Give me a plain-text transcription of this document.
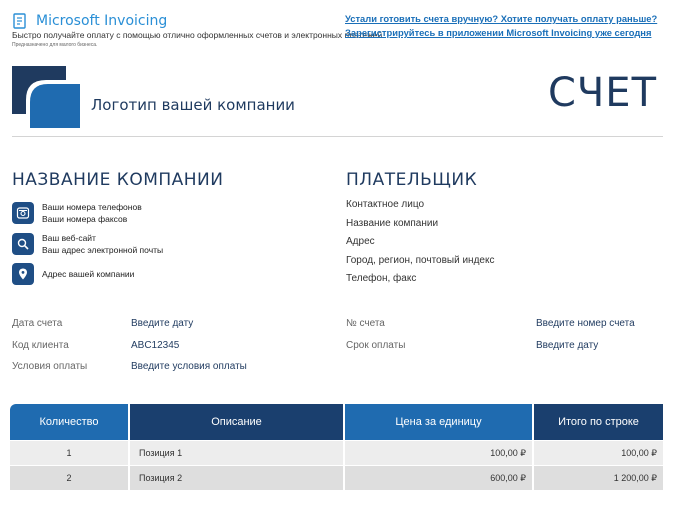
Microsoft Invoicing
Быстро получайте оплату с помощью отлично оформленных счетов и электронных платежей.
Предназначено для малого бизнеса.
Устали готовить счета вручную? Хотите получать оплату раньше?
Зарегистрируйтесь в приложении Microsoft Invoicing уже сегодня
Логотип вашей компании	СЧЕТ
НАЗВАНИЕ КОМПАНИИ
Ваши номера телефонов
Ваши номера факсов
Ваш веб-сайт
Ваш адрес электронной почты
Адрес вашей компании
ПЛАТЕЛЬЩИК
Контактное лицо
Название компании
Адрес
Город, регион, почтовый индекс
Телефон, факс
Дата счета	Введите дату
Код клиента	ABC12345
Условия оплаты	Введите условия оплаты
№ счета	Введите номер счета
Срок оплаты	Введите дату
Количество	Описание	Цена за единицу	Итого по строке
1	Позиция 1	100,00 ₽	100,00 ₽
2	Позиция 2	600,00 ₽	1 200,00 ₽
